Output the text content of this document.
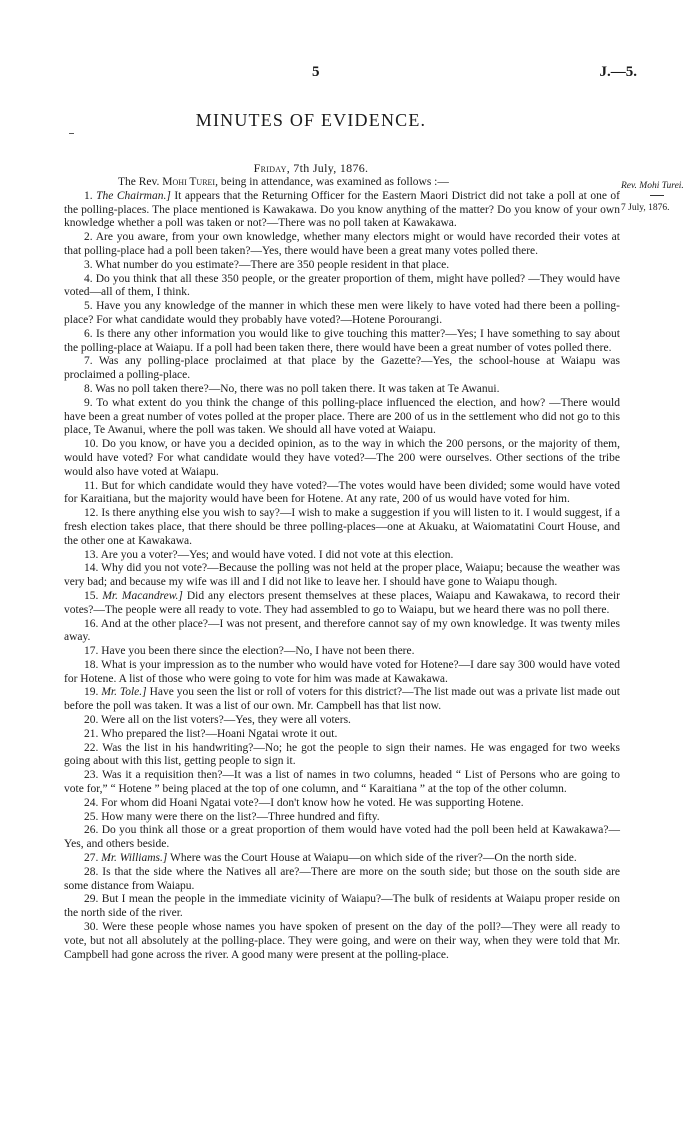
5	J.—5.
MINUTES OF EVIDENCE.
Friday, 7th July, 1876.
Rev. Mohi Turei.
7 July, 1876.

The Rev. Mohi Turei, being in attendance, was examined as follows :—

1. The Chairman.] It appears that the Returning Officer for the Eastern Maori District did not take a poll at one of the polling-places. The place mentioned is Kawakawa. Do you know anything of the matter? Do you know of your own knowledge whether a poll was taken or not?—There was no poll taken at Kawakawa.

2. Are you aware, from your own knowledge, whether many electors might or would have recorded their votes at that polling-place had a poll been taken?—Yes, there would have been a great many votes polled there.

3. What number do you estimate?—There are 350 people resident in that place.

4. Do you think that all these 350 people, or the greater proportion of them, might have polled? —They would have voted—all of them, I think.

5. Have you any knowledge of the manner in which these men were likely to have voted had there been a polling-place? For what candidate would they probably have voted?—Hotene Porourangi.

6. Is there any other information you would like to give touching this matter?—Yes; I have something to say about the polling-place at Waiapu. If a poll had been taken there, there would have been a great number of votes polled there.

7. Was any polling-place proclaimed at that place by the Gazette?—Yes, the school-house at Waiapu was proclaimed a polling-place.

8. Was no poll taken there?—No, there was no poll taken there. It was taken at Te Awanui.

9. To what extent do you think the change of this polling-place influenced the election, and how? —There would have been a great number of votes polled at the proper place. There are 200 of us in the settlement who did not go to this place, Te Awanui, where the poll was taken. We should all have voted at Waiapu.

10. Do you know, or have you a decided opinion, as to the way in which the 200 persons, or the majority of them, would have voted? For what candidate would they have voted?—The 200 were ourselves. Other sections of the tribe would also have voted at Waiapu.

11. But for which candidate would they have voted?—The votes would have been divided; some would have voted for Karaitiana, but the majority would have been for Hotene. At any rate, 200 of us would have voted for him.

12. Is there anything else you wish to say?—I wish to make a suggestion if you will listen to it. I would suggest, if a fresh election takes place, that there should be three polling-places—one at Akuaku, at Waiomatatini Court House, and the other one at Kawakawa.

13. Are you a voter?—Yes; and would have voted. I did not vote at this election.

14. Why did you not vote?—Because the polling was not held at the proper place, Waiapu; because the weather was very bad; and because my wife was ill and I did not like to leave her. I should have gone to Waiapu though.

15. Mr. Macandrew.] Did any electors present themselves at these places, Waiapu and Kawakawa, to record their votes?—The people were all ready to vote. They had assembled to go to Waiapu, but we heard there was no poll there.

16. And at the other place?—I was not present, and therefore cannot say of my own knowledge. It was twenty miles away.

17. Have you been there since the election?—No, I have not been there.

18. What is your impression as to the number who would have voted for Hotene?—I dare say 300 would have voted for Hotene. A list of those who were going to vote for him was made at Kawakawa.

19. Mr. Tole.] Have you seen the list or roll of voters for this district?—The list made out was a private list made out before the poll was taken. It was a list of our own. Mr. Campbell has that list now.

20. Were all on the list voters?—Yes, they were all voters.

21. Who prepared the list?—Hoani Ngatai wrote it out.

22. Was the list in his handwriting?—No; he got the people to sign their names. He was engaged for two weeks going about with this list, getting people to sign it.

23. Was it a requisition then?—It was a list of names in two columns, headed “ List of Persons who are going to vote for,” “ Hotene ” being placed at the top of one column, and “ Karaitiana ” at the top of the other column.

24. For whom did Hoani Ngatai vote?—I don't know how he voted. He was supporting Hotene.

25. How many were there on the list?—Three hundred and fifty.

26. Do you think all those or a great proportion of them would have voted had the poll been held at Kawakawa?—Yes, and others beside.

27. Mr. Williams.] Where was the Court House at Waiapu—on which side of the river?—On the north side.

28. Is that the side where the Natives all are?—There are more on the south side; but those on the south side are some distance from Waiapu.

29. But I mean the people in the immediate vicinity of Waiapu?—The bulk of residents at Waiapu proper reside on the north side of the river.

30. Were these people whose names you have spoken of present on the day of the poll?—They were all ready to vote, but not all absolutely at the polling-place. They were going, and were on their way, when they were told that Mr. Campbell had gone across the river. A good many were present at the polling-place.
